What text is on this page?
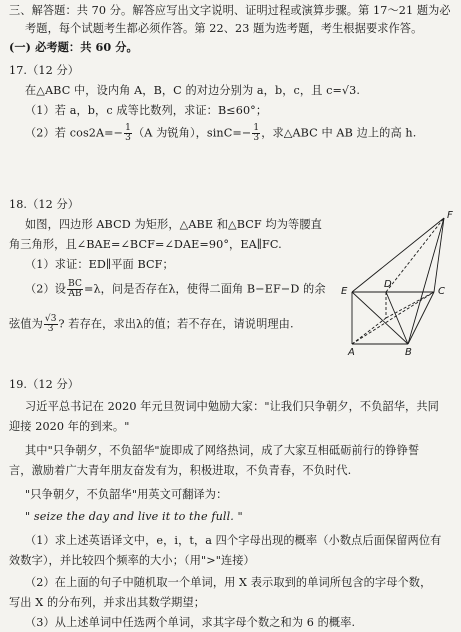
三、解答题：共 70 分。解答应写出文字说明、证明过程或演算步骤。第 17～21 题为必
考题，每个试题考生都必须作答。第 22、23 题为选考题，考生根据要求作答。
(一) 必考题：共 60 分。
17.（12 分）
在△ABC 中，设内角 A，B，C 的对边分别为 a，b，c，且 c=√3.
（1）若 a，b，c 成等比数列，求证：B≤60°；
（2）若 $\cos 2A=- \frac{1}{3} (A$ 为锐角），$\sin C=- \frac{1}{3}$ ，求△ABC 中 AB 边上的高 h.
18.（12 分）
如图，四边形 ABCD 为矩形，△ABE 和△BCF 均为等腰直
角三角形，且∠BAE=∠BCF=∠DAE=90°，EA∥FC.
（1）求证：ED∥平面 BCF；
（2）设 $\frac{BC}{AB} =\lambda$，问是否存在λ，使得二面角 B−EF−D 的余
弦值为 $\frac{√3}{3}$ ? 若存在，求出λ的值；若不存在，请说明理由.
E
D
C
F
A	B
19.（12 分）
习近平总书记在 2020 年元旦贺词中勉励大家："让我们只争朝夕，不负韶华，共同
迎接 2020 年的到来。"
其中"只争朝夕，不负韶华"旋即成了网络热词，成了大家互相砥砺前行的铮铮誓
言，激励着广大青年朋友奋发有为，积极进取，不负青春，不负时代.
"只争朝夕，不负韶华"用英文可翻译为：
" seize the day and live it to the full. "
（1）求上述英语译文中，e，i，t，a 四个字母出现的概率（小数点后面保留两位有
效数字），并比较四个频率的大小；（用">"连接）
（2）在上面的句子中随机取一个单词，用 X 表示取到的单词所包含的字母个数，
写出 X 的分布列，并求出其数学期望；
（3）从上述单词中任选两个单词，求其字母个数之和为 6 的概率.
